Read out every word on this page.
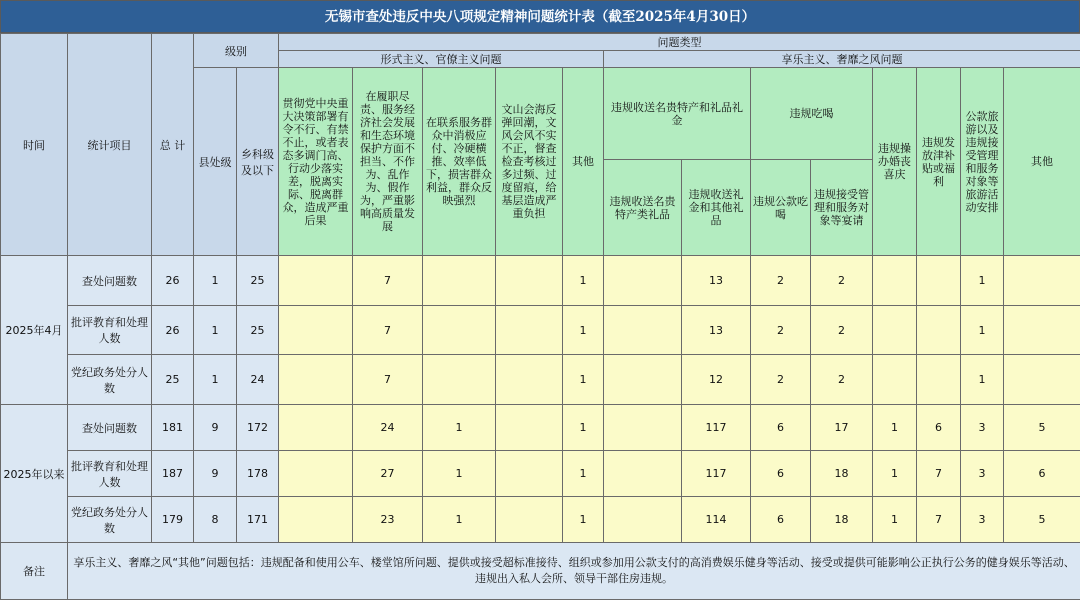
无锡市查处违反中央八项规定精神问题统计表（截至2025年4月30日）
时间	统计项目	总 计	级别		问题类型												
					形式主义、官僚主义问题					享乐主义、奢靡之风问题							
			县处级	乡科级及以下	贯彻党中央重大决策部署有令不行、有禁不止，或者表态多调门高、行动少落实差，脱离实际、脱离群众，造成严重后果	在履职尽责、服务经济社会发展和生态环境保护方面不担当、不作为、乱作为、假作为，严重影响高质量发展	在联系服务群众中消极应付、冷硬横推、效率低下，损害群众利益，群众反映强烈	文山会海反弹回潮，文风会风不实不正，督查检查考核过多过频、过度留痕，给基层造成严重负担	其他	违规收送名贵特产和礼品礼金		违规吃喝		违规操办婚丧喜庆	违规发放津补贴或福利	公款旅游以及违规接受管理和服务对象等旅游活动安排	其他
										违规收送名贵特产类礼品	违规收送礼金和其他礼品	违规公款吃喝	违规接受管理和服务对象等宴请				
2025年4月	查处问题数	26	1	25		7			1		13	2	2			1	
	批评教育和处理人数	26	1	25		7			1		13	2	2			1	
	党纪政务处分人数	25	1	24		7			1		12	2	2			1	
2025年以来	查处问题数	181	9	172		24	1		1		117	6	17	1	6	3	5
	批评教育和处理人数	187	9	178		27	1		1		117	6	18	1	7	3	6
	党纪政务处分人数	179	8	171		23	1		1		114	6	18	1	7	3	5
备注	享乐主义、奢靡之风“其他”问题包括：违规配备和使用公车、楼堂馆所问题、提供或接受超标准接待、组织或参加用公款支付的高消费娱乐健身等活动、接受或提供可能影响公正执行公务的健身娱乐等活动、违规出入私人会所、领导干部住房违规。																
